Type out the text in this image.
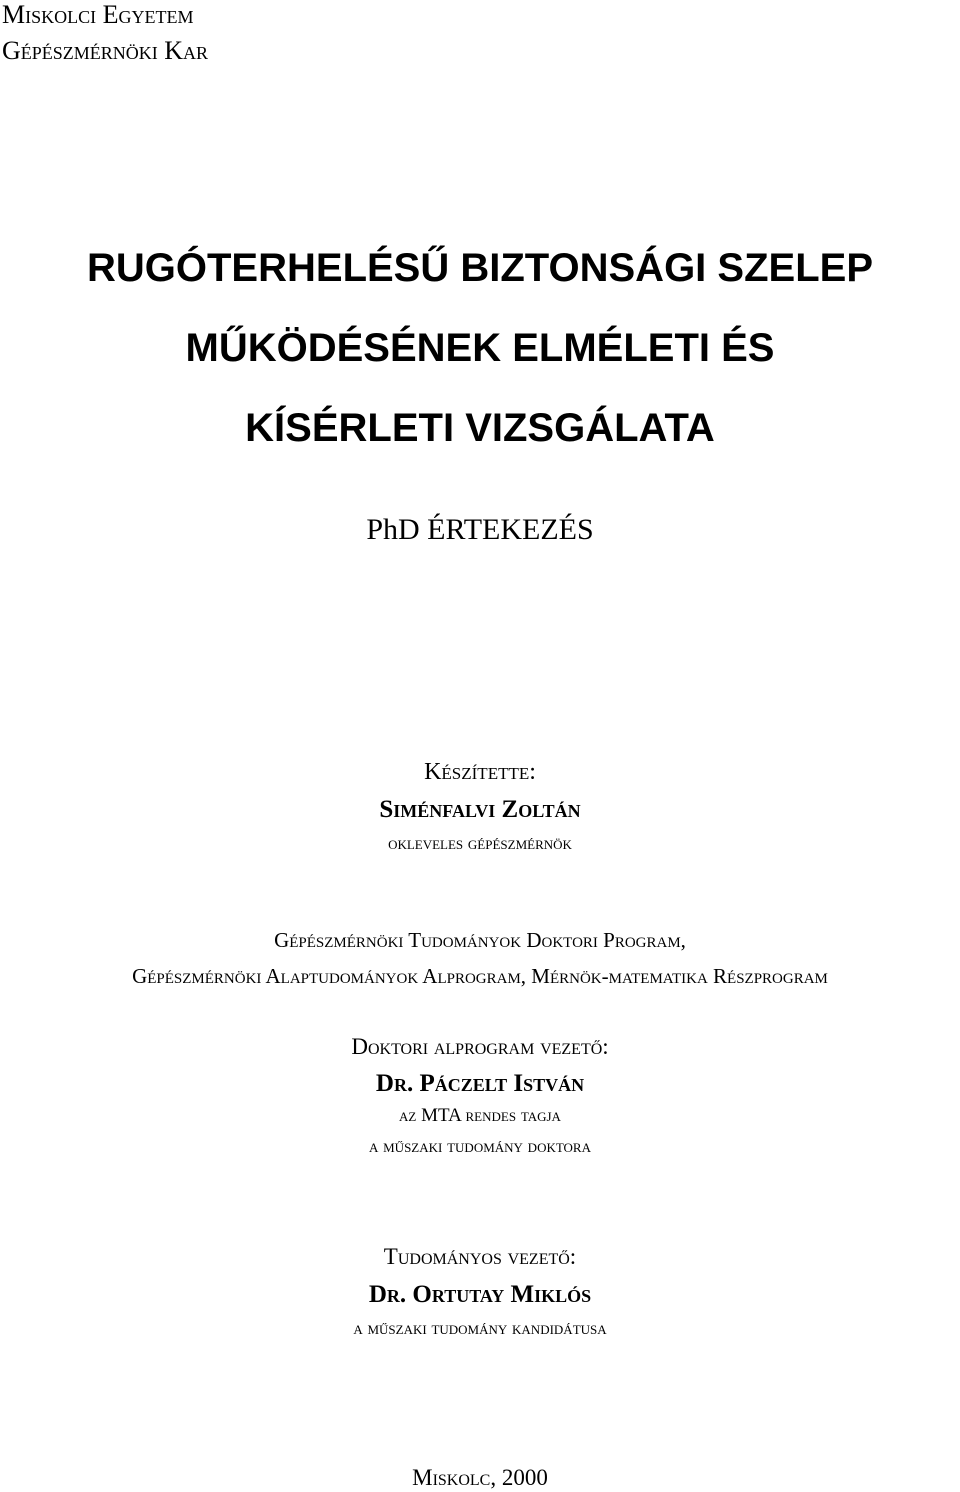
Miskolci Egyetem
Gépészmérnöki Kar
RUGÓTERHELÉSŰ BIZTONSÁGI SZELEP
MŰKÖDÉSÉNEK ELMÉLETI ÉS
KÍSÉRLETI VIZSGÁLATA
PhD ÉRTEKEZÉS
Készítette:
Siménfalvi Zoltán
okleveles gépészmérnök
Gépészmérnöki Tudományok Doktori Program,
Gépészmérnöki Alaptudományok Alprogram, Mérnök-matematika Részprogram
Doktori alprogram vezető:
Dr. Páczelt István
az MTA rendes tagja
a műszaki tudomány doktora
Tudományos vezető:
Dr. Ortutay Miklós
a műszaki tudomány kandidátusa
Miskolc, 2000
